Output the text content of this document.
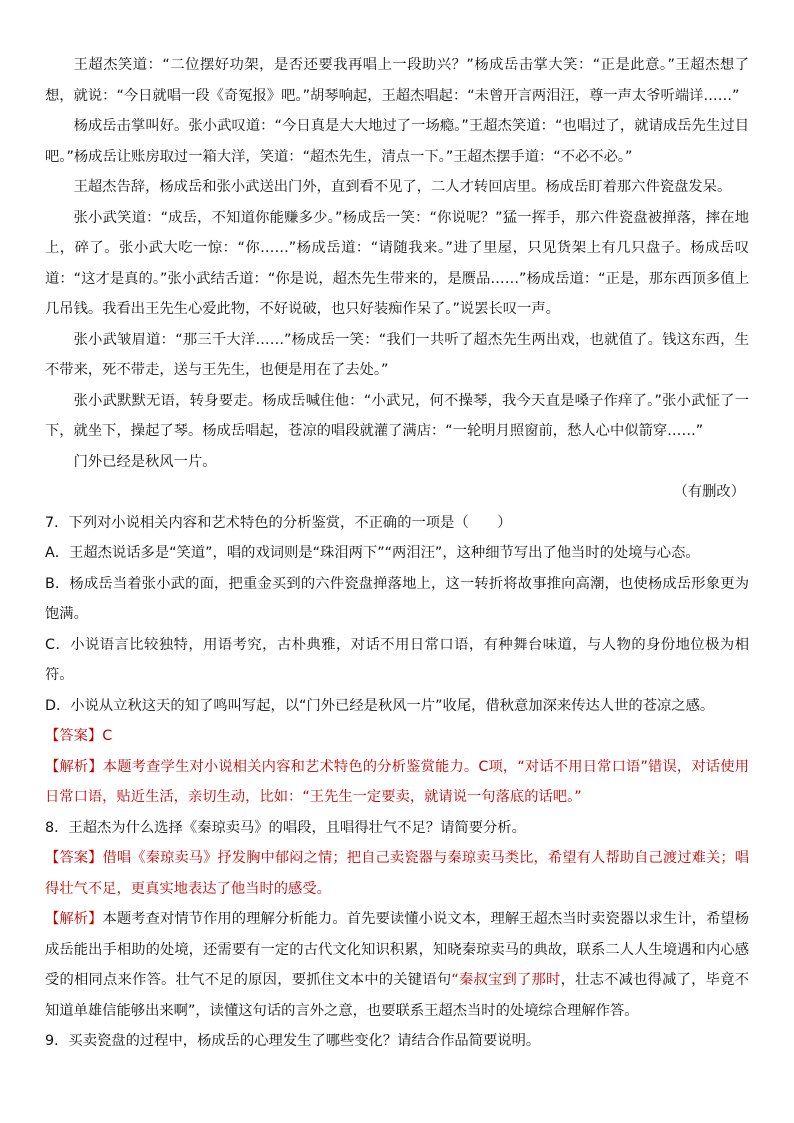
王超杰笑道：“二位摆好功架，是否还要我再唱上一段助兴？”杨成岳击掌大笑：“正是此意。”王超杰想了想，就说：“今日就唱一段《奇冤报》吧。”胡琴响起，王超杰唱起：“未曾开言两泪汪，尊一声太爷听端详……”

杨成岳击掌叫好。张小武叹道：“今日真是大大地过了一场瘾。”王超杰笑道：“也唱过了，就请成岳先生过目吧。”杨成岳让账房取过一箱大洋，笑道：“超杰先生，清点一下。”王超杰摆手道：“不必不必。”

王超杰告辞，杨成岳和张小武送出门外，直到看不见了，二人才转回店里。杨成岳盯着那六件瓷盘发呆。

张小武笑道：“成岳，不知道你能赚多少。”杨成岳一笑：“你说呢？”猛一挥手，那六件瓷盘被掸落，摔在地上，碎了。张小武大吃一惊：“你……”杨成岳道：“请随我来。”进了里屋，只见货架上有几只盘子。杨成岳叹道：“这才是真的。”张小武结舌道：“你是说，超杰先生带来的，是赝品……”杨成岳道：“正是，那东西顶多值上几吊钱。我看出王先生心爱此物，不好说破，也只好装痴作呆了。”说罢长叹一声。

张小武皱眉道：“那三千大洋……”杨成岳一笑：“我们一共听了超杰先生两出戏，也就值了。钱这东西，生不带来，死不带走，送与王先生，也便是用在了去处。”

张小武默默无语，转身要走。杨成岳喊住他：“小武兄，何不操琴，我今天直是嗓子作痒了。”张小武怔了一下，就坐下，操起了琴。杨成岳唱起，苍凉的唱段就灌了满店：“一轮明月照窗前，愁人心中似箭穿……”

门外已经是秋风一片。

（有删改）

7．下列对小说相关内容和艺术特色的分析鉴赏，不正确的一项是（　　）

A．王超杰说话多是“笑道”，唱的戏词则是“珠泪两下”“两泪汪”，这种细节写出了他当时的处境与心态。

B．杨成岳当着张小武的面，把重金买到的六件瓷盘掸落地上，这一转折将故事推向高潮，也使杨成岳形象更为饱满。

C．小说语言比较独特，用语考究，古朴典雅，对话不用日常口语，有种舞台味道，与人物的身份地位极为相符。

D．小说从立秋这天的知了鸣叫写起，以“门外已经是秋风一片”收尾，借秋意加深来传达人世的苍凉之感。

【答案】C

【解析】本题考查学生对小说相关内容和艺术特色的分析鉴赏能力。C项，“对话不用日常口语”错误，对话使用日常口语，贴近生活，亲切生动，比如：“王先生一定要卖，就请说一句落底的话吧。”

8．王超杰为什么选择《秦琼卖马》的唱段，且唱得壮气不足？请简要分析。

【答案】借唱《秦琼卖马》抒发胸中郁闷之情；把自己卖瓷器与秦琼卖马类比，希望有人帮助自己渡过难关；唱得壮气不足，更真实地表达了他当时的感受。

【解析】本题考查对情节作用的理解分析能力。首先要读懂小说文本，理解王超杰当时卖瓷器以求生计，希望杨成岳能出手相助的处境，还需要有一定的古代文化知识积累，知晓秦琼卖马的典故，联系二人人生境遇和内心感受的相同点来作答。壮气不足的原因，要抓住文本中的关键语句“秦叔宝到了那时，壮志不减也得减了，毕竟不知道单雄信能够出来啊”，读懂这句话的言外之意，也要联系王超杰当时的处境综合理解作答。

9．买卖瓷盘的过程中，杨成岳的心理发生了哪些变化？请结合作品简要说明。
